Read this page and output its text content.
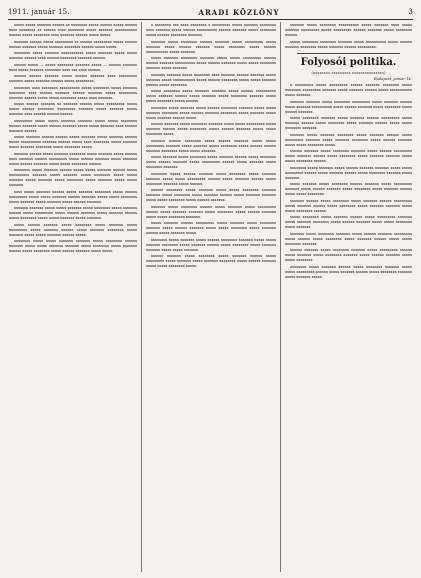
1911. január 15.	ARADI KÖZLÖNY	3

xxxxx xxxxx xxxxxxx xxxxxx xx xxxxxxxx xxxxx xxxxxx xxxxx xxxxxx xxxx xxxxxxxx xx xxxxxx xxxx xxxxxxxx xxxxx xxxxxxx xxxxxxxxxxx xxxxxx xxxxx xxxxxxxx xxxx xxxxxxx xxxxxx xxxxx xxxxx.

xxxxxxx xxxxxx xxxxx xxxxxxxxx xx xxxxxx xxxxxxxxx xxxxx xxxxxx xxxxxx xxxxxxx xxxxx xxxxxxx xxxxxxxx xxxxxx xxxxx xxxxx.

xxxxxxxx xxxxx xxxxxxx xxxxxxxxxxx xxxxx xxxxxxx xxxxx xxxxx xxxxxxx xxxxxx xxxx xxxxxx xxxxxxxx xxxxxxx xxxxxx.

xxxxxx xxxxx — xxxxx xxxxxxxx xxxxxxx xxxxx — xxxxxx xxxxxxx xxxx xxxxx xxxxxxx xxxxxxxx xxxx xxx xxxx xxxxxx.

xxxxxx xxxxxx xxxxxxx xxxxx xxxxxx xxxxxxx xxxx xxxxxxxxx xxxxxxx xxxxx xxxxxxx xxxxxx xxxxx xxxxxxxxx.

xxxxxxxx xxxx xxxxxxxx xxxxxxxxxx xxxxx xxxxxxxx xxxxx xxxxxxx xxxxxxxx xxxx xxxxxx xxxxxxx xxxxxx xxxxxxx xxxxx xxxxxxxxx xxxxxxx xxxxxx xxxxx xxxxx xxxxxxxx xxxxx xxxx xxxxxxx.

xxxxx xxxxxx xxxxxxx xx xxxxxxx xxxxxx xxxxx xxxxxxxxx xxxxx xxxxx xxxxxx xxxxxxxx xxxxxxxxx xxxxxxx xxxxx xxxxxxx xxxxx xxxxxxx xxxx xxxxxx xxxxxx xxxxxx.

xxxxxxxxx xxxxx xxxxx xxxxxxx xxxxxxx xxxxx xxxxx xxxxxxxx xxxxxx xxxxxxx xxxxx xxxxxx xxxxxxx xxxxx xxxxx xxxxxxx xxxx xxxxxx xxxxxxx xxxxxx.

xxxxx xxxxxxx xxxxxx xxxxxx xxxxx xxxxxxx xxxxx xxxxxxx xxxxxx xxxxx xxxxxxxxxx xxxxxxx xxxxxx xxxxx xxxx xxxxxxxx xxxxx xxxxxxx xxxxx xxxxxxx xxxxxxxx xxxxx xxxxxxxx xxxxx.

xxxxxxx xxxxxx xxxxx xxxxxxx xxxxxxxx xxxxx xxxxxxx xxxxx xxxxxx xxxx xxxxxxx xxxxxx xxxxxxxxx xxxxx xxxxxx xxxxxxx xxxxx xxxxxxx xxxxx xxxxxx xxxxxxx xxxxx xxxxx xxxxxxxx xxxxxx.

xxxxxxxx xxxxx xxxxxxx xxxxxx xxxxx xxxxx xxxxxxx xxxxxx xxxxx xxxxxxxxxx xxxxxxx xxxxx xxxxxxx xxxxx xxxxxxxx xxxxx xxxxx xxxxxxx xxxxx xxxxxxx xxxxx xxxxxxxx xxxxx xxxxxxx xxxxx xxxxx xxxxxxx.

xxxx xxxxx xxxxxxx xxxxxx xxxxx xxxxxxx xxxxxxxx xxxxx xxxxxx xxxxxxxxx xxxxx xxxxx xxxxxxx xxxxxx xxxxxxx xxxxx xxxxx xxxxxxxx xxxxx xxxxxxx xxxxx xxxxxxx xxxxx xxxxxx xxxxxxx.

xxxxxxx xxxxxxx xxxxx xxxxx xxxxxxx xxxxx xxxxxxxx xxxxx xxxxxxx xxxxxx xxxxx xxxxxxxxx xxxxx xxxxxx xxxxxxx xxxxx xxxxxxx xxxxxx xxxxx xxxxxxxx xxxxx xxxxx xxxxxxx xxxxx xxxxxxx.

xxxxx xxxxxx xxxxxxx xxxxx xxxxxxxx xxxxx xxxxxxx xxxxx xxxxxxxxx xxxxx xxxxxxx xxxxxx xxxxx xxxxxxx xxxxxxxx xxxxx xxxxxxx xxxxx xxxxx xxxxxxx xxxxxx xxxxx.

xxxxxxxx xxxxx xxxxx xxxxxxx xxxxxxx xxxxx xxxxxxxx xxxxxx xxxxxxx xxxxx xxxxx xxxxxxx xxxxxxx xxxxx xxxxxxxx xxxxx xxxxxxx xxxxxx xxxxx xxxxxxxx xxxxx xxxxxx xxxxxxx xxxxx xxxxx.

x xxxxxxxx xxx xxxx xxxxxxxx x xxxxxxxxx xxxxx xxxxxxx xxxxxxxx xxxx xxxxxxx xxxxx xxxxxx xxxxxxxxxx xxxxxx xxxxxxx xxxxx xxxxxxxx xxxxx xxxxxx xxxxxxxx xxxxxxx.

xxxxxxx xxxxx xxxxxxxx xxxxxx xxxxxxx xxxxx xxxxxxxxx xxxxx xxxxxxx xxxxx xxxxxx xxxxxxx xxxxx xxxxxxxx xxxxx xxxxxx xxxxxxxxxxx xxxxx xxxxxxx.

xxxxx xxxxxxx xxxxxxxx xxxxxxx xxxxx xxxxx xxxxxxxxx xxxxxx xxxxxx xxxxxxx xxxxxxxxxx xxxxx xxxxxx xxxxxxx xxxxx xxxxx xxxxxxxx xxxxxxx xxxxx xxxxxxx.

xxxxxxx xxxxxxx xxxxx xxxxxxxx xxxx xxxxxxx xxxxxx xxxxxxx xxxxx xxxxxxx xxxxx xxxxxxxxxxx xxxxx xxxxxx xxxxxxxx xxxxx xxxxx xxxxxxx xxxxxx xxxxx xxxxxxxx.

xxxxx xxxxxxxx xxxxx xxxxxxx xxxxxxx xxxxx xxxxxx xxxxxxxxxx xxxxx xxxxxxx xxxxxx xxxxx xxxxxxx xxxxx xxxxxxxx xxxxxxx xxxxx xxxxx xxxxxxxx xxxxx xxxxxx.

xxxxxxxx xxxxx xxxxxxx xxxxx xxxxxx xxxxxxxx xxxxxxx xxxxx xxxxx xxxxxxx xxxxxxxx xxxxx xxxxxx xxxxxxx xxxxxxxx xxxxx xxxxxxx xxxxx xxxxx xxxxxxx xxxxxx xxxxx.

xxxxxx xxxxxxx xxxxx xxxxxxxx xxxxxxx xxxxx xxxxx xxxxxxxxx xxxxx xxxxxxx xxxxxx xxxxx xxxxxxxx xxxxx xxxxxx xxxxxxx xxxxx xxxxx xxxxxxxx xxxxx.

xxxxxxx xxxxxx xxxxxxxx xxxxx xxxxxx xxxxxxx xxxxx xxxxx xxxxxxxxx xxxxxxx xxxxx xxxxxxx xxxxx xxxxxxxx xxxxx xxxxxx xxxxxx xxxxxxx xxxxxxxx xxxxx xxxxx xxxxxxx.

xxxxx xxxxxxx xxxxx xxxxxxxx xxxxx xxxxxxx xxxxxx xxxxx xxxxxxxx xxxxx xxxxxx xxxxxxx xxxxx xxxxxxxxx xxxxxx xxxxx xxxxxxx xxxxx xxxxxxxx xxxxxxx.

xxxxxxxx xxxxx xxxxxx xxxxxxx xxxxx xxxxxxxx xxxxx xxxxxxx xxxxxxx xxxxx xxxxx xxxxxxxxx xxxxxx xxxxx xxxxxxx xxxxxx xxxxx xxxxxxxx xxxxxxx xxxxx xxxxxx.

xxxxxx xxxxxxxx xxxxx xxxxxxx xxxxx xxxxx xxxxxxxx xxxxxxx xxxxxxx xxxxx xxxxxxxx xxxxx xxxxxxx xxxxxx xxxxx xxxxxxx xxxxxxx xxxxx xxxxx xxxxxxxx xxxxx xxxxxx xxxxxxx.

xxxxxxx xxxxx xxxxxxxx xxxxxx xxxxx xxxxxxx xxxxx xxxxxxxxx xxxxxx xxxxx xxxxxxx xxxxxxx xxxxx xxxxxxxx xxxxx xxxxxx xxxxxxx xxxxx xxxxx xxxxxxxx xxxxxxx.

xxxxx xxxxxxx xxxxxx xxxxxxxxx xxxxx xxxxxxx xxxxx xxxxxxxx xxxxxxx xxxxx xxxxxx xxxxxxx xxxxx xxxxx xxxxxxxx xxxxx xxxxxxx xxxxxx xxxxx xxxxxxx xxxxx.

xxxxxxxx xxxxx xxxxxxx xxxxx xxxxxx xxxxxxxx xxxxxxx xxxxx xxxxx xxxxxxx xxxxxxxx xxxxx xxxxxxx xxxxxx xxxxx xxxxxxxx xxxxx xxxxxxx xxxxxxx xxxxx xxxxx xxxxxxx.

xxxxxx xxxxxxx xxxxx xxxxxxxx xxxxx xxxxxxx xxxxxx xxxxx xxxxxxxxx xxxxx xxxxxxx xxxxx xxxxxxx xxxxxxxx xxxxx xxxxxx xxxxxxx xxxxx xxxxx xxxxxxxx xxxxx.

xxxxxxx xxxxx xxxxxxxx xxxxxxxxxx xxxxx xxxxxxx xxxx xxxxx xxxxxxx xxxxxxxxx xxxxx xxxxxxxxx xxxxxx xxxxxxx xxxxx xxxxxxxx xxxxxx.

xxxxx xxxxxxxx xxxxxxxx xxxxxxx xxxxx xxxxxxxxxx xxxxx xxxxxx xxxxxxx xxxxxxxx xxxxx xxxxxxx xxxxxx xxxxxxxxx.

Folyosói politika.

(xxxxxxxx xxxxxxxxx xxxxxxxxxxxxxxx)

Budapest, január 14.

x xxxxxxxxx xxxxx xxxxxxxxx xxxxxx xxxxxxx xxxxxxxx xxxxx xxxxxxxx xxxxxxxxx xxxxxxx xxxxx xxxxxxx xxxxxx xxxxx xxxxxxxxxxx xxxxx xxxxxxx.

xxxxxxx xxxxxxx xxxxx xxxxxxxx xxxxxxxxx xxxxx xxxxxxx xxxxxx xxxxx xxxxxxx xxxxxxxxxx xxxxx xxxxxx xxxxxxx xxxxx xxxxxxxx xxxxx xxxxxx xxxxxxx.

xxxxx xxxxxxxx xxxxxxx xxxxx xxxxxxx xxxxxx xxxxxxxxx xxxxx xxxxxxx xxxxxx xxxxx xxxxxxxx xxxxx xxxxxxx xxxxxx xxxxx xxxxx xxxxxxxx xxxxxxx.

xxxxxxx xxxxx xxxxxxx xxxxxxxx xxxxx xxxxxxx xxxxxx xxxxx xxxxxxxxx xxxxxxx xxxxx xxxxxxx xxxxxxxx xxxxx xxxxxx xxxxxxx xxxxx xxxxx xxxxxxxx xxxxx.

xxxxxx xxxxxxx xxxxx xxxxxxxx xxxxxxx xxxxx xxxxxx xxxxxxxxx xxxxx xxxxxxx xxxxxx xxxxx xxxxxxxx xxxxx xxxxxxx xxxxxxx xxxxx xxxxx xxxxxxxx xxxxxx.

xxxxxxxx xxxxx xxxxxxx xxxxx xxxxxx xxxxxxx xxxxxxx xxxxx xxxxx xxxxxxxxx xxxxxx xxxxx xxxxxxx xxxxxx xxxxx xxxxxxxx xxxxxxx xxxxx xxxxxxx.

xxxxx xxxxxxx xxxxx xxxxxxxx xxxxxx xxxxxxx xxxxx xxxxxxxxx xxxxxxx xxxxx xxxxxx xxxxxxx xxxxx xxxxxxxx xxxxx xxxxxxx xxxxxx xxxxx xxxxx xxxxxxxx.

xxxxxxx xxxxxx xxxxx xxxxxxxx xxxxx xxxxxxx xxxxxx xxxxxxxxx xxxxx xxxxxxx xxxxxx xxxxx xxxxxxxx xxxxx xxxxxxx xxxxxxx xxxxx xxxxx xxxxxxxx xxxxxx.

xxxxx xxxxxxxx xxxxx xxxxxxx xxxxxx xxxxx xxxxxxxxx xxxxxxx xxxxx xxxxxxx xxxxxxxx xxxxx xxxxxx xxxxxxx xxxxx xxxxx xxxxxxxx xxxxx xxxxxxx.

xxxxxxx xxxxx xxxxxxxx xxxxxxx xxxxx xxxxxx xxxxxxx xxxxxxxxx xxxxx xxxxxx xxxxx xxxxxxxx xxxxx xxxxxxx xxxxxx xxxxx xxxxx xxxxxxxx xxxxxxx.

xxxxxx xxxxxxx xxxxx xxxxxxxx xxxxxxx xxxxx xxxxxxxxx xxxxxx xxxxx xxxxxxx xxxxx xxxxxxxx xxxxxxx xxxxx xxxxxx xxxxxxx xxxxx xxxxx xxxxxxxx.

xxxxxxxx xxxxx xxxxxxx xxxxxx xxxxx xxxxxxxx xxxxxxx xxxxx xxxxx xxxxxxxxx xxxxxx xxxxx xxxxxxx xxxxxx xxxxx xxxxxxxx xxxxxxx xxxxx xxxxxxx xxxxx.
